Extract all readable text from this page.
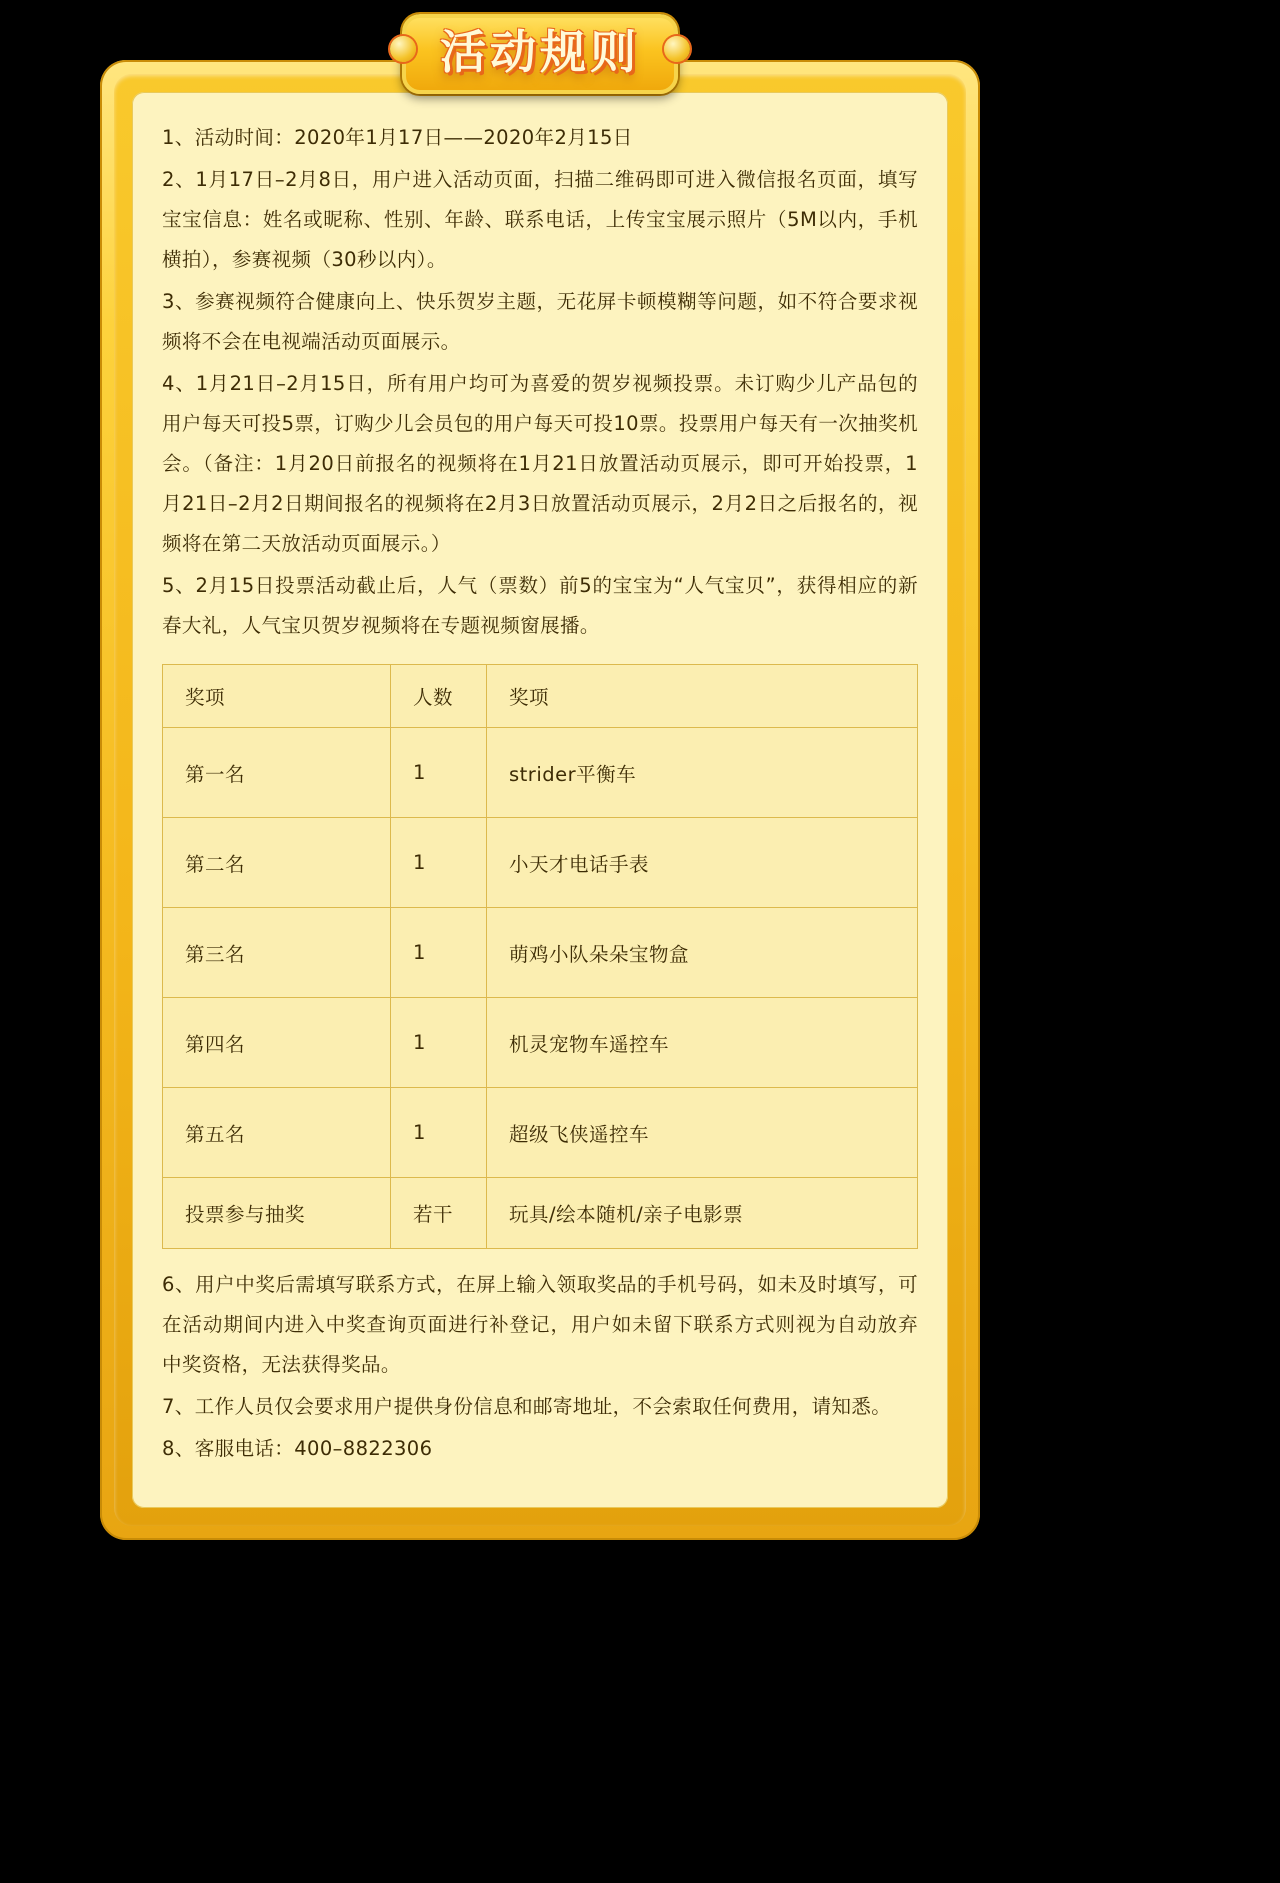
1、活动时间：2020年1月17日——2020年2月15日
2、1月17日–2月8日，用户进入活动页面，扫描二维码即可进入微信报名页面，填写宝宝信息：姓名或昵称、性别、年龄、联系电话，上传宝宝展示照片（5M以内，手机横拍），参赛视频（30秒以内）。
3、参赛视频符合健康向上、快乐贺岁主题，无花屏卡顿模糊等问题，如不符合要求视频将不会在电视端活动页面展示。
4、1月21日–2月15日，所有用户均可为喜爱的贺岁视频投票。未订购少儿产品包的用户每天可投5票，订购少儿会员包的用户每天可投10票。投票用户每天有一次抽奖机会。（备注：1月20日前报名的视频将在1月21日放置活动页展示，即可开始投票，1月21日–2月2日期间报名的视频将在2月3日放置活动页展示，2月2日之后报名的，视频将在第二天放活动页面展示。）
5、2月15日投票活动截止后，人气（票数）前5的宝宝为“人气宝贝”，获得相应的新春大礼，人气宝贝贺岁视频将在专题视频窗展播。
奖项	人数	奖项
第一名	1	strider平衡车
第二名	1	小天才电话手表
第三名	1	萌鸡小队朵朵宝物盒
第四名	1	机灵宠物车遥控车
第五名	1	超级飞侠遥控车
投票参与抽奖	若干	玩具/绘本随机/亲子电影票
6、用户中奖后需填写联系方式，在屏上输入领取奖品的手机号码，如未及时填写，可在活动期间内进入中奖查询页面进行补登记，用户如未留下联系方式则视为自动放弃中奖资格，无法获得奖品。
7、工作人员仅会要求用户提供身份信息和邮寄地址，不会索取任何费用，请知悉。
8、客服电话：400–8822306
活动规则
